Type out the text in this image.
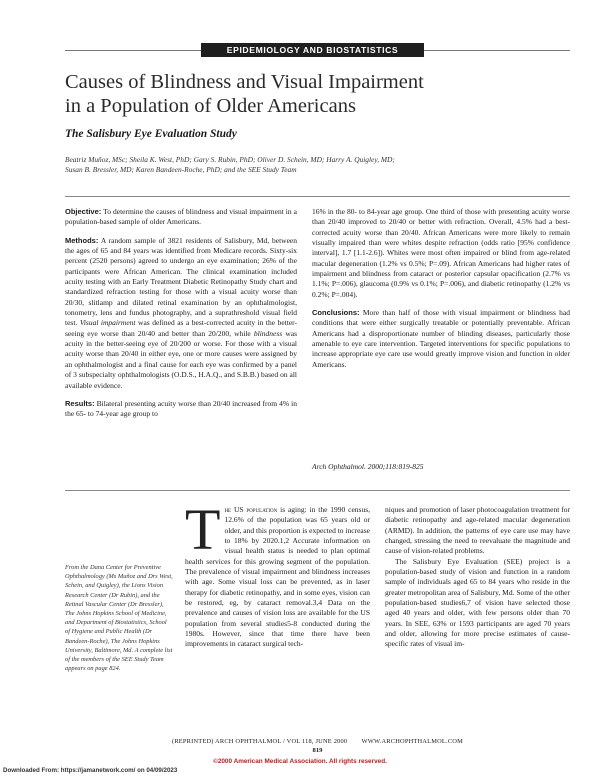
EPIDEMIOLOGY AND BIOSTATISTICS
Causes of Blindness and Visual Impairment
in a Population of Older Americans
The Salisbury Eye Evaluation Study
Beatriz Muñoz, MSc; Sheila K. West, PhD; Gary S. Rubin, PhD; Oliver D. Schein, MD; Harry A. Quigley, MD;
Susan B. Bressler, MD; Karen Bandeen-Roche, PhD; and the SEE Study Team

Objective: To determine the causes of blindness and visual impairment in a population-based sample of older Americans.

Methods: A random sample of 3821 residents of Salisbury, Md, between the ages of 65 and 84 years was identified from Medicare records. Sixty-six percent (2520 persons) agreed to undergo an eye examination; 26% of the participants were African American. The clinical examination included acuity testing with an Early Treatment Diabetic Retinopathy Study chart and standardized refraction testing for those with a visual acuity worse than 20/30, slitlamp and dilated retinal examination by an ophthalmologist, tonometry, lens and fundus photography, and a suprathreshold visual field test. Visual impairment was defined as a best-corrected acuity in the better-seeing eye worse than 20/40 and better than 20/200, while blindness was acuity in the better-seeing eye of 20/200 or worse. For those with a visual acuity worse than 20/40 in either eye, one or more causes were assigned by an ophthalmologist and a final cause for each eye was confirmed by a panel of 3 subspecialty ophthalmologists (O.D.S., H.A.Q., and S.B.B.) based on all available evidence.

Results: Bilateral presenting acuity worse than 20/40 increased from 4% in the 65- to 74-year age group to

16% in the 80- to 84-year age group. One third of those with presenting acuity worse than 20/40 improved to 20/40 or better with refraction. Overall, 4.5% had a best-corrected acuity worse than 20/40. African Americans were more likely to remain visually impaired than were whites despite refraction (odds ratio [95% confidence interval], 1.7 [1.1-2.6]). Whites were most often impaired or blind from age-related macular degeneration (1.2% vs 0.5%; P=.09). African Americans had higher rates of impairment and blindness from cataract or posterior capsular opacification (2.7% vs 1.1%; P=.006), glaucoma (0.9% vs 0.1%; P=.006), and diabetic retinopathy (1.2% vs 0.2%; P=.004).

Conclusions: More than half of those with visual impairment or blindness had conditions that were either surgically treatable or potentially preventable. African Americans had a disproportionate number of blinding diseases, particularly those amenable to eye care intervention. Targeted interventions for specific populations to increase appropriate eye care use would greatly improve vision and function in older Americans.

Arch Ophthalmol. 2000;118:819-825
From the Dana Center for Preventive Ophthalmology (Ms Muñoz and Drs West, Schein, and Quigley), the Lions Vision Research Center (Dr Rubin), and the Retinal Vascular Center (Dr Bressler), The Johns Hopkins School of Medicine, and Department of Biostatistics, School of Hygiene and Public Health (Dr Bandeen-Roche), The Johns Hopkins University, Baltimore, Md. A complete list of the members of the SEE Study Team appears on page 824.
The US population is aging: in the 1990 census, 12.6% of the population was 65 years old or older, and this proportion is expected to increase to 18% by 2020.1,2 Accurate information on visual health status is needed to plan optimal health services for this growing segment of the population. The prevalence of visual impairment and blindness increases with age. Some visual loss can be prevented, as in laser therapy for diabetic retinopathy, and in some eyes, vision can be restored, eg, by cataract removal.3,4 Data on the prevalence and causes of vision loss are available for the US population from several studies5-8 conducted during the 1980s. However, since that time there have been improvements in cataract surgical tech-

niques and promotion of laser photocoagulation treatment for diabetic retinopathy and age-related macular degeneration (ARMD). In addition, the patterns of eye care use may have changed, stressing the need to reevaluate the magnitude and cause of vision-related problems.

The Salisbury Eye Evaluation (SEE) project is a population-based study of vision and function in a random sample of individuals aged 65 to 84 years who reside in the greater metropolitan area of Salisbury, Md. Some of the other population-based studies6,7 of vision have selected those aged 40 years and older, with few persons older than 70 years. In SEE, 63% or 1593 participants are aged 70 years and older, allowing for more precise estimates of cause-specific rates of visual im-

(REPRINTED) ARCH OPHTHALMOL / VOL 118, JUNE 2000        WWW.ARCHOPHTHALMOL.COM
819
©2000 American Medical Association. All rights reserved.
Downloaded From: https://jamanetwork.com/ on 04/09/2023
